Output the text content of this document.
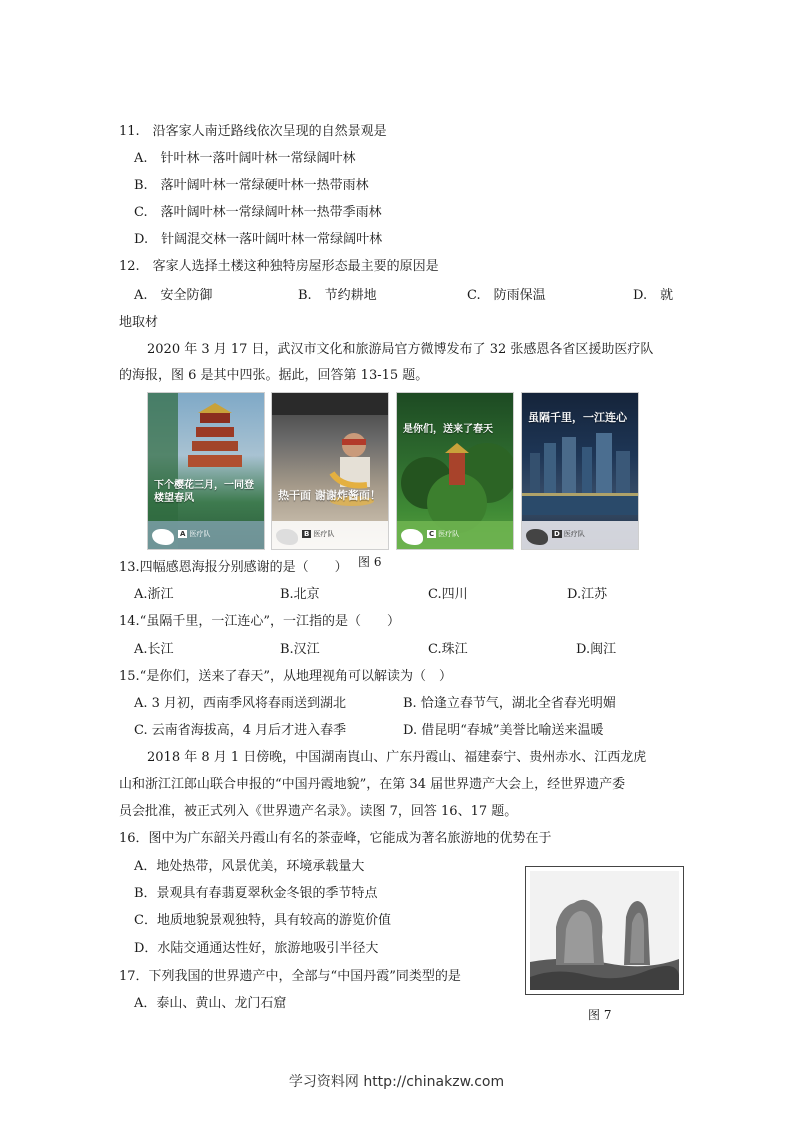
11.　沿客家人南迁路线依次呈现的自然景观是
A.　针叶林一落叶阔叶林一常绿阔叶林
B.　落叶阔叶林一常绿硬叶林一热带雨林
C.　落叶阔叶林一常绿阔叶林一热带季雨林
D.　针阔混交林一落叶阔叶林一常绿阔叶林
12.　客家人选择土楼这种独特房屋形态最主要的原因是
A.　安全防御	B.　节约耕地	C.　防雨保温	D.　就
地取材
2020 年 3 月 17 日，武汉市文化和旅游局官方微博发布了 32 张感恩各省区援助医疗队
的海报，图 6 是其中四张。据此，回答第 13-15 题。
下个樱花三月，一同登楼望春风
A 医疗队
热干面 谢谢炸酱面！
B 医疗队
是你们，送来了春天
C 医疗队
虽隔千里，一江连心
D 医疗队
图 6
13.四幅感恩海报分别感谢的是（　　）
A.浙江	B.北京	C.四川	D.江苏
14.“虽隔千里，一江连心”，一江指的是（　　）
A.长江	B.汉江	C.珠江	D.闽江
15.“是你们，送来了春天”，从地理视角可以解读为（　）
A. 3 月初，西南季风将春雨送到湖北	B. 恰逢立春节气，湖北全省春光明媚
C. 云南省海拔高，4 月后才进入春季	D. 借昆明“春城”美誉比喻送来温暖
2018 年 8 月 1 日傍晚，中国湖南崀山、广东丹霞山、福建泰宁、贵州赤水、江西龙虎
山和浙江江郎山联合申报的“中国丹霞地貌”，在第 34 届世界遗产大会上，经世界遗产委
员会批准，被正式列入《世界遗产名录》。读图 7，回答 16、17 题。
16．图中为广东韶关丹霞山有名的茶壶峰，它能成为著名旅游地的优势在于
A．地处热带，风景优美，环境承载量大
B．景观具有春翡夏翠秋金冬银的季节特点
C．地质地貌景观独特，具有较高的游览价值
D．水陆交通通达性好，旅游地吸引半径大
图 7
17．下列我国的世界遗产中，全部与“中国丹霞”同类型的是
A．泰山、黄山、龙门石窟
学习资料网 http://chinakzw.com
